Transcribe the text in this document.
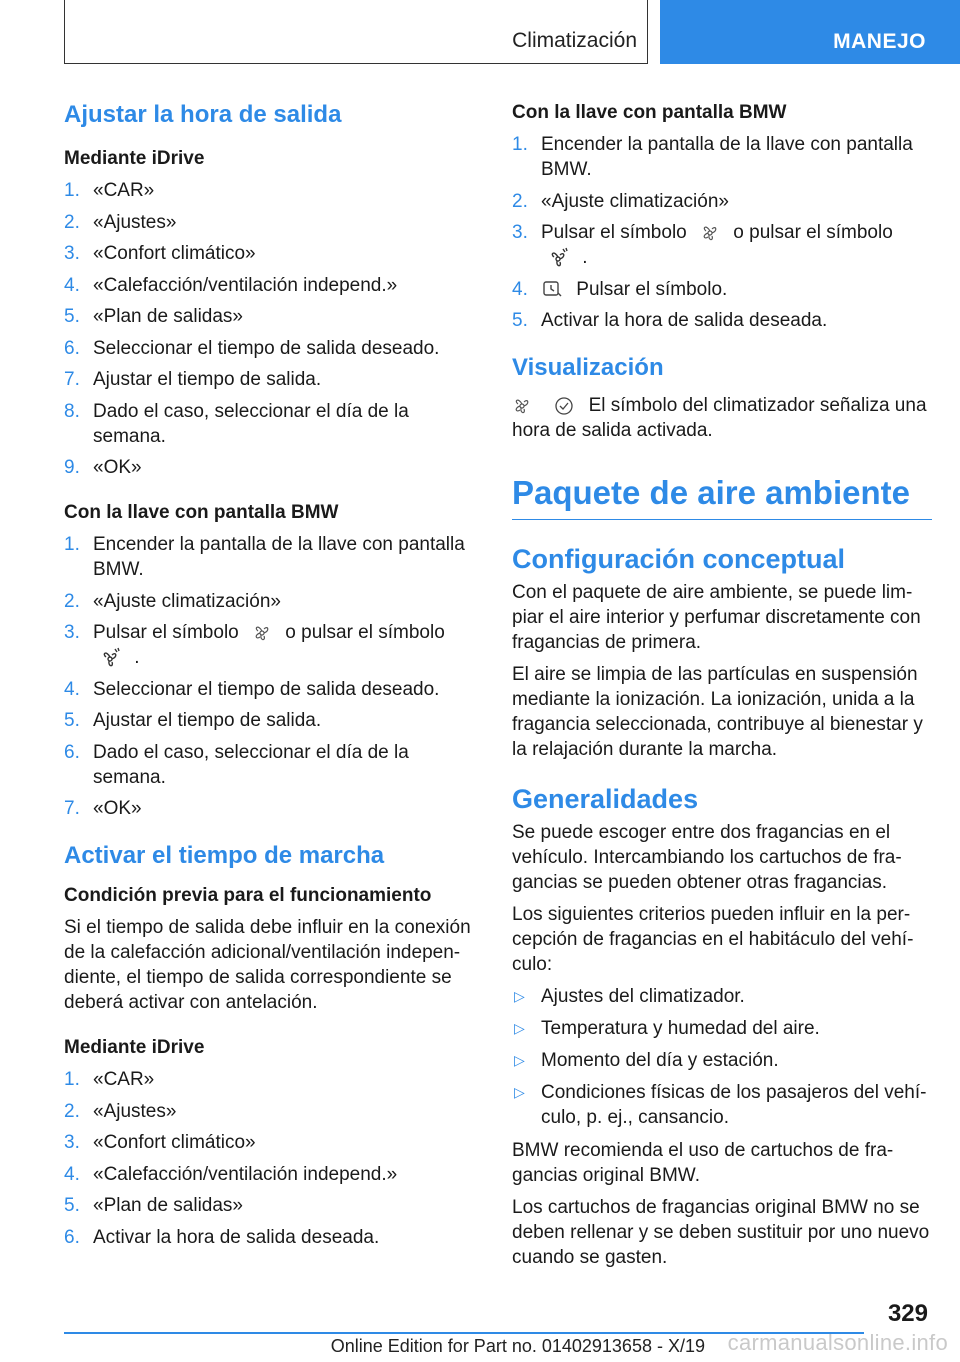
Climatización	MANEJO
Ajustar la hora de salida
Mediante iDrive
1. «CAR»
2. «Ajustes»
3. «Confort climático»
4. «Calefacción/ventilación independ.»
5. «Plan de salidas»
6. Seleccionar el tiempo de salida deseado.
7. Ajustar el tiempo de salida.
8. Dado el caso, seleccionar el día de la semana.
9. «OK»
Con la llave con pantalla BMW
1. Encender la pantalla de la llave con pantalla BMW.
2. «Ajuste climatización»
3. Pulsar el símbolo o pulsar el símbolo  .
4. Seleccionar el tiempo de salida deseado.
5. Ajustar el tiempo de salida.
6. Dado el caso, seleccionar el día de la semana.
7. «OK»
Activar el tiempo de marcha
Condición previa para el funcionamiento

Si el tiempo de salida debe influir en la conexión de la calefacción adicional/ventilación independiente, el tiempo de salida correspondiente se deberá activar con antelación.

Mediante iDrive
1. «CAR»
2. «Ajustes»
3. «Confort climático»
4. «Calefacción/ventilación independ.»
5. «Plan de salidas»
6. Activar la hora de salida deseada.
Con la llave con pantalla BMW
1. Encender la pantalla de la llave con pantalla BMW.
2. «Ajuste climatización»
3. Pulsar el símbolo o pulsar el símbolo  .
4.	Pulsar el símbolo.
5. Activar la hora de salida deseada.
Visualización

El símbolo del climatizador señaliza una hora de salida activada.

Paquete de aire ambiente
Configuración conceptual

Con el paquete de aire ambiente, se puede limpiar el aire interior y perfumar discretamente con fragancias de primera.

El aire se limpia de las partículas en suspensión mediante la ionización. La ionización, unida a la fragancia seleccionada, contribuye al bienestar y la relajación durante la marcha.

Generalidades

Se puede escoger entre dos fragancias en el vehículo. Intercambiando los cartuchos de fragancias se pueden obtener otras fragancias.

Los siguientes criterios pueden influir en la percepción de fragancias en el habitáculo del vehículo:

▷ Ajustes del climatizador.
▷ Temperatura y humedad del aire.
▷ Momento del día y estación.
▷ Condiciones físicas de los pasajeros del vehículo, p. ej., cansancio.

BMW recomienda el uso de cartuchos de fragancias original BMW.

Los cartuchos de fragancias original BMW no se deben rellenar y se deben sustituir por uno nuevo cuando se gasten.

329
Online Edition for Part no. 01402913658 - X/19 carmanualsonline.info
